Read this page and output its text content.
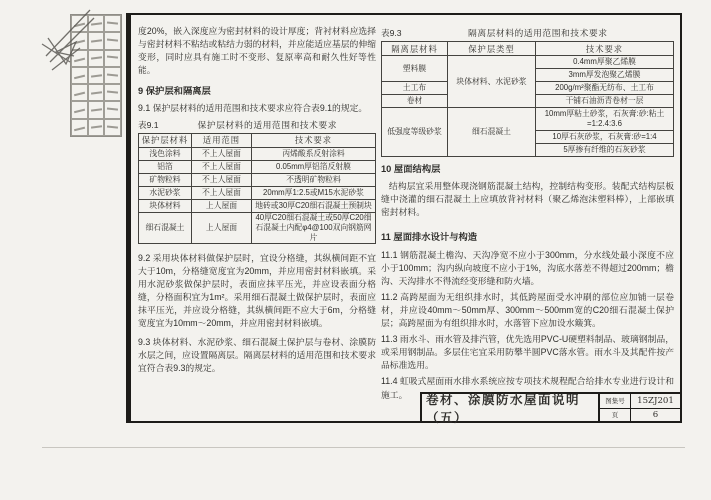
度20%，嵌入深度应为密封材料的设计厚度；背衬材料应选择与密封材料不粘结或粘结力弱的材料，并应能适应基层的伸缩变形，同时应具有施工时不变形、复原率高和耐久性好等性能。

9 保护层和隔离层

9.1 保护层材料的适用范围和技术要求应符合表9.1的规定。

表9.1	保护层材料的适用范围和技术要求
保护层材料	适用范围	技术要求
浅色涂料	不上人屋面	丙烯酸系反射涂料
铝箔	不上人屋面	0.05mm厚铝箔反射膜
矿物粒料	不上人屋面	不透明矿物粒料
水泥砂浆	不上人屋面	20mm厚1:2.5或M15水泥砂浆
块体材料	上人屋面	地砖或30厚C20细石混凝土预制块
细石混凝土	上人屋面	40厚C20细石混凝土或50厚C20细石混凝土内配φ4@100双向钢筋网片

9.2 采用块体材料做保护层时，宜设分格缝，其纵横间距不宜大于10m，分格缝宽度宜为20mm，并应用密封材料嵌填。采用水泥砂浆做保护层时，表面应抹平压光，并应设表面分格缝，分格面积宜为1m²。采用细石混凝土做保护层时，表面应抹平压光，并应设分格缝，其纵横间距不应大于6m，分格缝宽度宜为10mm～20mm，并应用密封材料嵌填。

9.3 块体材料、水泥砂浆、细石混凝土保护层与卷材、涂膜防水层之间，应设置隔离层。隔离层材料的适用范围和技术要求宜符合表9.3的规定。

表9.3	隔离层材料的适用范围和技术要求
隔离层材料	保护层类型	技术要求
塑料膜	块体材料、水泥砂浆	0.4mm厚聚乙烯膜
		3mm厚发泡聚乙烯膜
土工布		200g/m²聚酯无纺布、土工布
卷材		干铺石油沥青卷材一层
低强度等级砂浆	细石混凝土	10mm厚粘土砂浆，石灰膏:砂:粘土=1:2.4:3.6
		10厚石灰砂浆，石灰膏:砂=1:4
		5厚掺有纤维的石灰砂浆
10 屋面结构层

结构层宜采用整体现浇钢筋混凝土结构，控制结构变形。装配式结构层板缝中浇灌的细石混凝土上应填放背衬材料（聚乙烯泡沫塑料棒），上部嵌填密封材料。

11 屋面排水设计与构造

11.1 钢筋混凝土檐沟、天沟净宽不应小于300mm，分水线处最小深度不应小于100mm；沟内纵向坡度不应小于1%，沟底水落差不得超过200mm；檐沟、天沟排水不得流经变形缝和防火墙。

11.2 高跨屋面为无组织排水时，其低跨屋面受水冲刷的部位应加铺一层卷材，并应设40mm～50mm厚、300mm～500mm宽的C20细石混凝土保护层；高跨屋面为有组织排水时，水落管下应加设水簸箕。

11.3 雨水斗、雨水管及排汽管，优先选用PVC-U硬塑料制品、玻璃钢制品，或采用钢制品。多层住宅宜采用防攀半圆PVC落水管。雨水斗及其配件按产品标准选用。

11.4 虹吸式屋面雨水排水系统应按专项技术规程配合给排水专业进行设计和施工。	卷材、涂膜防水屋面说明（五）
图集号	15ZJ201
页	6
